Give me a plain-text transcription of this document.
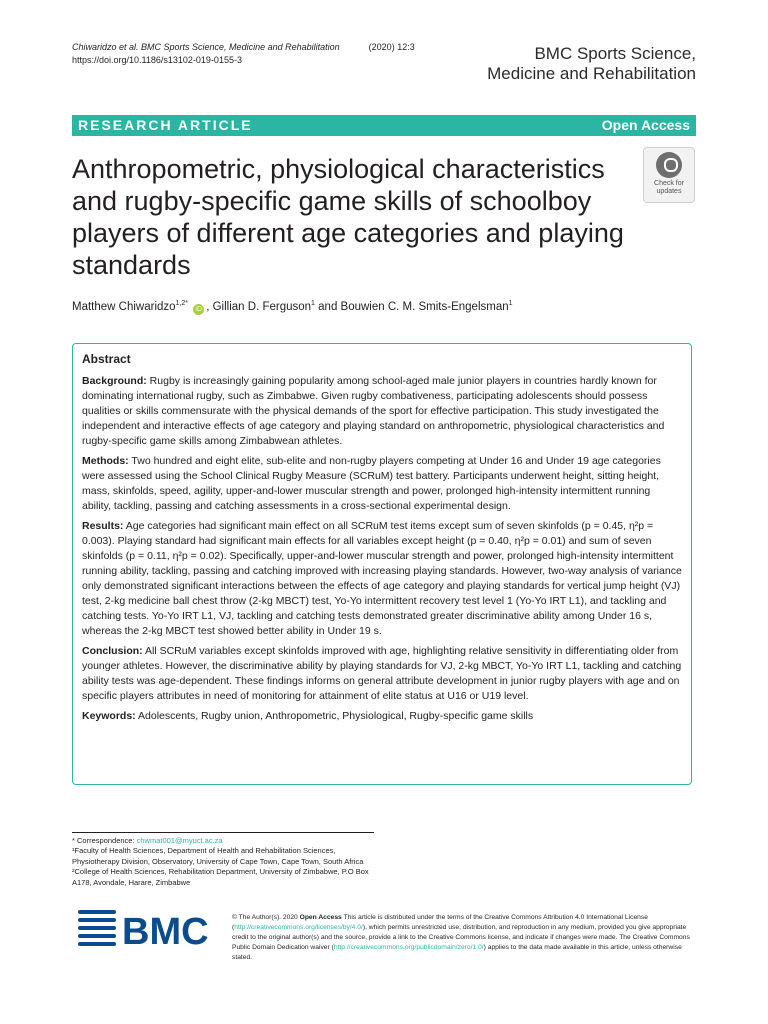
Chiwaridzo et al. BMC Sports Science, Medicine and Rehabilitation	(2020) 12:3
https://doi.org/10.1186/s13102-019-0155-3	BMC Sports Science,
Medicine and Rehabilitation
RESEARCH ARTICLE	Open Access
Anthropometric, physiological characteristics and rugby-specific game skills of schoolboy players of different age categories and playing standards
Check for
updates
Matthew Chiwaridzo$^{1,2*}$ iD , Gillian D. Ferguson$^1$ and Bouwien C. M. Smits-Engelsman$^1$
Abstract

Background: Rugby is increasingly gaining popularity among school-aged male junior players in countries hardly known for dominating international rugby, such as Zimbabwe. Given rugby combativeness, participating adolescents should possess qualities or skills commensurate with the physical demands of the sport for effective participation. This study investigated the independent and interactive effects of age category and playing standard on anthropometric, physiological characteristics and rugby-specific game skills among Zimbabwean athletes.

Methods: Two hundred and eight elite, sub-elite and non-rugby players competing at Under 16 and Under 19 age categories were assessed using the School Clinical Rugby Measure (SCRuM) test battery. Participants underwent height, sitting height, mass, skinfolds, speed, agility, upper-and-lower muscular strength and power, prolonged high-intensity intermittent running ability, tackling, passing and catching assessments in a cross-sectional experimental design.

Results: Age categories had significant main effect on all SCRuM test items except sum of seven skinfolds (p = 0.45, η²p = 0.003). Playing standard had significant main effects for all variables except height (p = 0.40, η²p = 0.01) and sum of seven skinfolds (p = 0.11, η²p = 0.02). Specifically, upper-and-lower muscular strength and power, prolonged high-intensity intermittent running ability, tackling, passing and catching improved with increasing playing standards. However, two-way analysis of variance only demonstrated significant interactions between the effects of age category and playing standards for vertical jump height (VJ) test, 2-kg medicine ball chest throw (2-kg MBCT) test, Yo-Yo intermittent recovery test level 1 (Yo-Yo IRT L1), and tackling and catching tests. Yo-Yo IRT L1, VJ, tackling and catching tests demonstrated greater discriminative ability among Under 16 s, whereas the 2-kg MBCT test showed better ability in Under 19 s.

Conclusion: All SCRuM variables except skinfolds improved with age, highlighting relative sensitivity in differentiating older from younger athletes. However, the discriminative ability by playing standards for VJ, 2-kg MBCT, Yo-Yo IRT L1, tackling and catching ability tests was age-dependent. These findings informs on general attribute development in junior rugby players with age and on specific players attributes in need of monitoring for attainment of elite status at U16 or U19 level.

Keywords: Adolescents, Rugby union, Anthropometric, Physiological, Rugby-specific game skills

* Correspondence: chwmat001@myuct.ac.za

¹Faculty of Health Sciences, Department of Health and Rehabilitation Sciences, Physiotherapy Division, Observatory, University of Cape Town, Cape Town, South Africa

²College of Health Sciences, Rehabilitation Department, University of Zimbabwe, P.O Box A178, Avondale, Harare, Zimbabwe

BMC	© The Author(s). 2020 Open Access This article is distributed under the terms of the Creative Commons Attribution 4.0 International License (http://creativecommons.org/licenses/by/4.0/), which permits unrestricted use, distribution, and reproduction in any medium, provided you give appropriate credit to the original author(s) and the source, provide a link to the Creative Commons license, and indicate if changes were made. The Creative Commons Public Domain Dedication waiver (http://creativecommons.org/publicdomain/zero/1.0/) applies to the data made available in this article, unless otherwise stated.
